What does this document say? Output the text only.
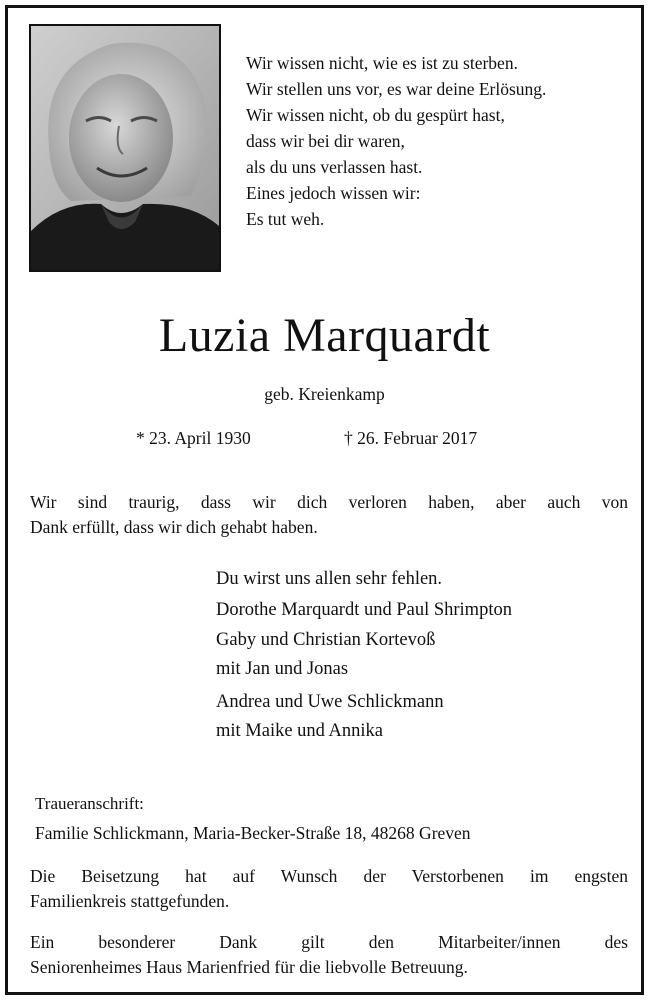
Wir wissen nicht, wie es ist zu sterben.
Wir stellen uns vor, es war deine Erlösung.
Wir wissen nicht, ob du gespürt hast,
dass wir bei dir waren,
als du uns verlassen hast.
Eines jedoch wissen wir:
Es tut weh.
Luzia Marquardt
geb. Kreienkamp
* 23. April 1930	† 26. Februar 2017
Wir sind traurig, dass wir dich verloren haben, aber auch von
Dank erfüllt, dass wir dich gehabt haben.
Du wirst uns allen sehr fehlen.
Dorothe Marquardt und Paul Shrimpton
Gaby und Christian Kortevoß
mit Jan und Jonas
Andrea und Uwe Schlickmann
mit Maike und Annika
Traueranschrift:
Familie Schlickmann, Maria-Becker-Straße 18, 48268 Greven
Die Beisetzung hat auf Wunsch der Verstorbenen im engsten
Familienkreis stattgefunden.
Ein besonderer Dank gilt den Mitarbeiter/innen des
Seniorenheimes Haus Marienfried für die liebvolle Betreuung.
